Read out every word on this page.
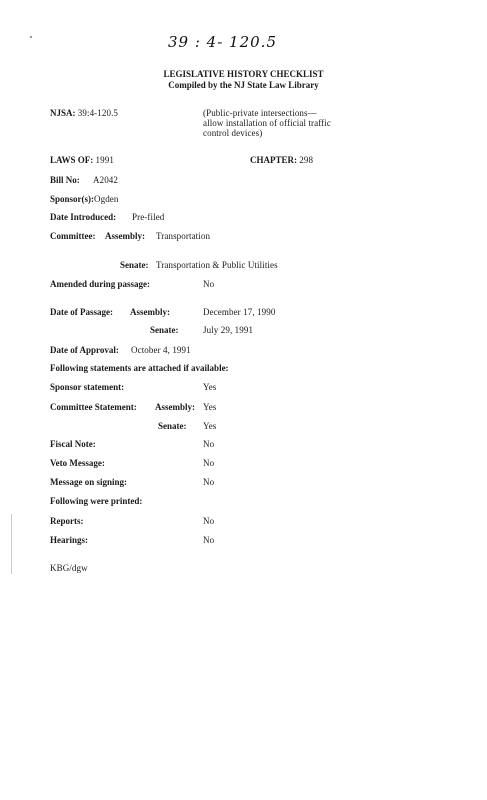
39 : 4- 120.5
LEGISLATIVE HISTORY CHECKLIST
Compiled by the NJ State Law Library
NJSA: 39:4-120.5	(Public-private intersections—
allow installation of official traffic
control devices)
LAWS OF: 1991	CHAPTER: 298
Bill No: A2042
Sponsor(s): Ogden
Date Introduced: Pre-filed
Committee: Assembly: Transportation
Senate: Transportation & Public Utilities
Amended during passage:	No
Date of Passage: Assembly:	December 17, 1990
Senate:	July 29, 1991
Date of Approval: October 4, 1991
Following statements are attached if available:
Sponsor statement:	Yes
Committee Statement: Assembly: Yes
Senate: Yes
Fiscal Note:	No
Veto Message:	No
Message on signing:	No
Following were printed:
Reports:	No
Hearings:	No
KBG/dgw
